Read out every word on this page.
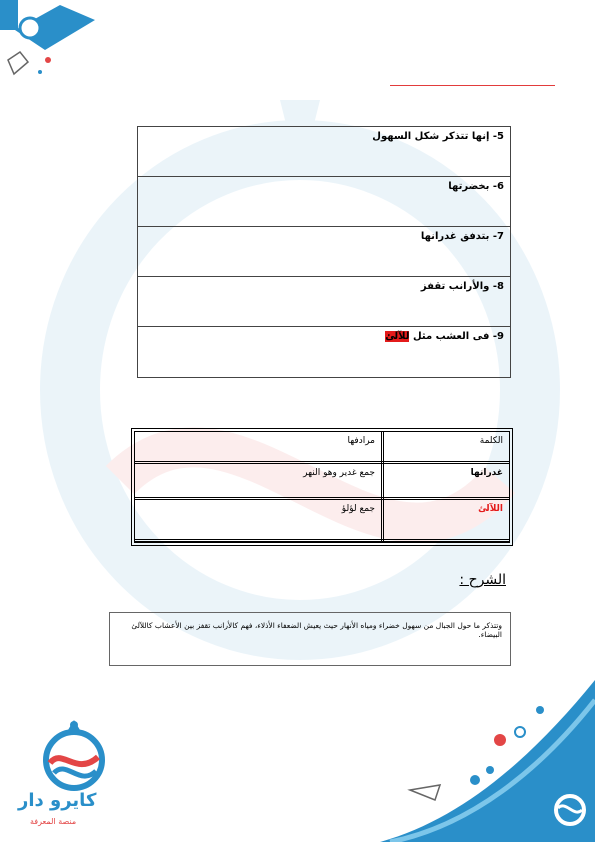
5- إنها تتذكر شكل السهول
6- بخضرتها
7- بتدفق غدرانها
8- والأرانب تقفز
9- فى العشب مثل للآلئ
الكلمة
مرادفها
غدرانها
جمع غدير وهو النهر
اللآلئ
جمع لؤلؤ
الشرح :
وتتذكر ما حول الجبال من سهول خضراء ومياه الأنهار حيث يعيش الضعفاء الأذلاء، فهم كالأرانب تقفز بين الأعشاب كاللآلئ البيضاء.
كايرو دار
منصة المعرفة
